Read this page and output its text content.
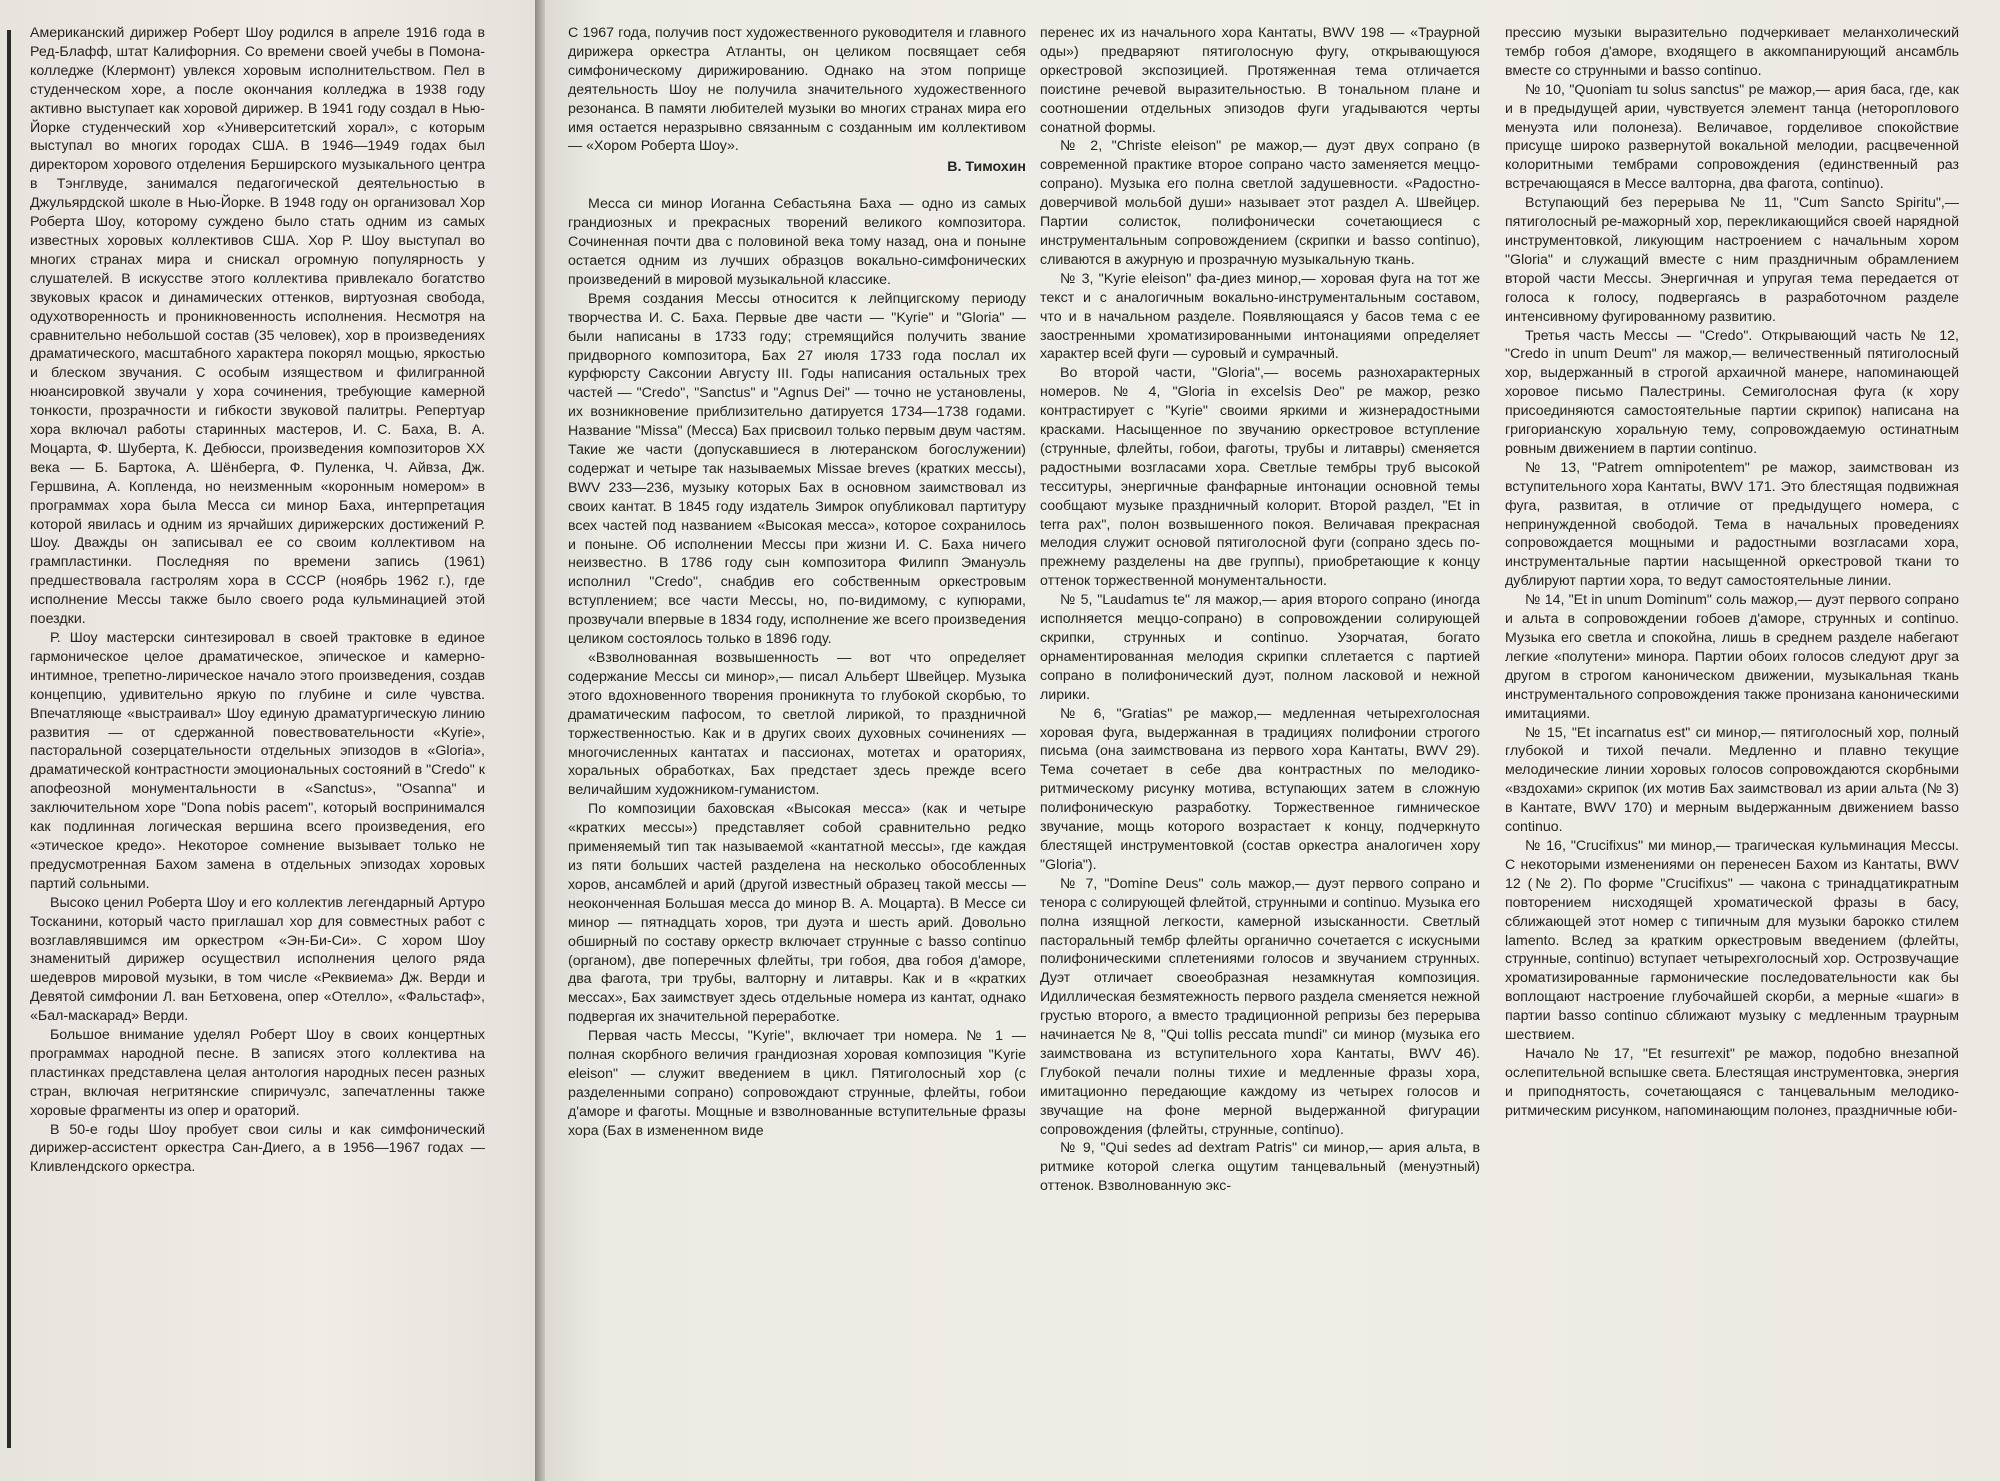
Американский дирижер Роберт Шоу родился в апреле 1916 года в Ред-Блафф, штат Калифорния. Со времени своей учебы в Помона-колледже (Клермонт) увлекся хоровым исполнительством. Пел в студенческом хоре, а после окончания колледжа в 1938 году активно выступает как хоровой дирижер. В 1941 году создал в Нью-Йорке студенческий хор «Университетский хорал», с которым выступал во многих городах США. В 1946—1949 годах был директором хорового отделения Берширского музыкального центра в Тэнглвуде, занимался педагогической деятельностью в Джульярдской школе в Нью-Йорке. В 1948 году он организовал Хор Роберта Шоу, которому суждено было стать одним из самых известных хоровых коллективов США. Хор Р. Шоу выступал во многих странах мира и снискал огромную популярность у слушателей. В искусстве этого коллектива привлекало богатство звуковых красок и динамических оттенков, виртуозная свобода, одухотворенность и проникновенность исполнения. Несмотря на сравнительно небольшой состав (35 человек), хор в произведениях драматического, масштабного характера покорял мощью, яркостью и блеском звучания. С особым изяществом и филигранной нюансировкой звучали у хора сочинения, требующие камерной тонкости, прозрачности и гибкости звуковой палитры. Репертуар хора включал работы старинных мастеров, И. С. Баха, В. А. Моцарта, Ф. Шуберта, К. Дебюсси, произведения композиторов XX века — Б. Бартока, А. Шёнберга, Ф. Пуленка, Ч. Айвза, Дж. Гершвина, А. Копленда, но неизменным «коронным номером» в программах хора была Месса си минор Баха, интерпретация которой явилась и одним из ярчайших дирижерских достижений Р. Шоу. Дважды он записывал ее со своим коллективом на грампластинки. Последняя по времени запись (1961) предшествовала гастролям хора в СССР (ноябрь 1962 г.), где исполнение Мессы также было своего рода кульминацией этой поездки.

Р. Шоу мастерски синтезировал в своей трактовке в единое гармоническое целое драматическое, эпическое и камерно-интимное, трепетно-лирическое начало этого произведения, создав концепцию, удивительно яркую по глубине и силе чувства. Впечатляюще «выстраивал» Шоу единую драматургическую линию развития — от сдержанной повествовательности «Kyrie», пасторальной созерцательности отдельных эпизодов в «Gloria», драматической контрастности эмоциональных состояний в "Credo" к апофеозной монументальности в «Sanctus», "Osanna" и заключительном хоре "Dona nobis pacem", который воспринимался как подлинная логическая вершина всего произведения, его «этическое кредо». Некоторое сомнение вызывает только не предусмотренная Бахом замена в отдельных эпизодах хоровых партий сольными.

Высоко ценил Роберта Шоу и его коллектив легендарный Артуро Тосканини, который часто приглашал хор для совместных работ с возглавлявшимся им оркестром «Эн-Би-Си». С хором Шоу знаменитый дирижер осуществил исполнения целого ряда шедевров мировой музыки, в том числе «Реквиема» Дж. Верди и Девятой симфонии Л. ван Бетховена, опер «Отелло», «Фальстаф», «Бал-маскарад» Верди.

Большое внимание уделял Роберт Шоу в своих концертных программах народной песне. В записях этого коллектива на пластинках представлена целая антология народных песен разных стран, включая негритянские спиричуэлс, запечатленны также хоровые фрагменты из опер и ораторий.

В 50-е годы Шоу пробует свои силы и как симфонический дирижер-ассистент оркестра Сан-Диего, а в 1956—1967 годах — Кливлендского оркестра.

С 1967 года, получив пост художественного руководителя и главного дирижера оркестра Атланты, он целиком посвящает себя симфоническому дирижированию. Однако на этом поприще деятельность Шоу не получила значительного художественного резонанса. В памяти любителей музыки во многих странах мира его имя остается неразрывно связанным с созданным им коллективом — «Хором Роберта Шоу».

В. Тимохин

Месса си минор Иоганна Себастьяна Баха — одно из самых грандиозных и прекрасных творений великого композитора. Сочиненная почти два с половиной века тому назад, она и поныне остается одним из лучших образцов вокально-симфонических произведений в мировой музыкальной классике.

Время создания Мессы относится к лейпцигскому периоду творчества И. С. Баха. Первые две части — "Kyrie" и "Gloria" — были написаны в 1733 году; стремящийся получить звание придворного композитора, Бах 27 июля 1733 года послал их курфюрсту Саксонии Августу III. Годы написания остальных трех частей — "Credo", "Sanctus" и "Agnus Dei" — точно не установлены, их возникновение приблизительно датируется 1734—1738 годами. Название "Missa" (Месса) Бах присвоил только первым двум частям. Такие же части (допускавшиеся в лютеранском богослужении) содержат и четыре так называемых Missae breves (кратких мессы), BWV 233—236, музыку которых Бах в основном заимствовал из своих кантат. В 1845 году издатель Зимрок опубликовал партитуру всех частей под названием «Высокая месса», которое сохранилось и поныне. Об исполнении Мессы при жизни И. С. Баха ничего неизвестно. В 1786 году сын композитора Филипп Эмануэль исполнил "Credo", снабдив его собственным оркестровым вступлением; все части Мессы, но, по-видимому, с купюрами, прозвучали впервые в 1834 году, исполнение же всего произведения целиком состоялось только в 1896 году.

«Взволнованная возвышенность — вот что определяет содержание Мессы си минор»,— писал Альберт Швейцер. Музыка этого вдохновенного творения проникнута то глубокой скорбью, то драматическим пафосом, то светлой лирикой, то праздничной торжественностью. Как и в других своих духовных сочинениях — многочисленных кантатах и пассионах, мотетах и ораториях, хоральных обработках, Бах предстает здесь прежде всего величайшим художником-гуманистом.

По композиции баховская «Высокая месса» (как и четыре «кратких мессы») представляет собой сравнительно редко применяемый тип так называемой «кантатной мессы», где каждая из пяти больших частей разделена на несколько обособленных хоров, ансамблей и арий (другой известный образец такой мессы — неоконченная Большая месса до минор В. А. Моцарта). В Мессе си минор — пятнадцать хоров, три дуэта и шесть арий. Довольно обширный по составу оркестр включает струнные с basso continuo (органом), две поперечных флейты, три гобоя, два гобоя д'аморе, два фагота, три трубы, валторну и литавры. Как и в «кратких мессах», Бах заимствует здесь отдельные номера из кантат, однако подвергая их значительной переработке.

Первая часть Мессы, "Kyrie", включает три номера. № 1 — полная скорбного величия грандиозная хоровая композиция "Kyrie eleison" — служит введением в цикл. Пятиголосный хор (с разделенными сопрано) сопровождают струнные, флейты, гобои д'аморе и фаготы. Мощные и взволнованные вступительные фразы хора (Бах в измененном виде

перенес их из начального хора Кантаты, BWV 198 — «Траурной оды») предваряют пятиголосную фугу, открывающуюся оркестровой экспозицией. Протяженная тема отличается поистине речевой выразительностью. В тональном плане и соотношении отдельных эпизодов фуги угадываются черты сонатной формы.

№ 2, "Christe eleison" ре мажор,— дуэт двух сопрано (в современной практике второе сопрано часто заменяется меццо-сопрано). Музыка его полна светлой задушевности. «Радостно-доверчивой мольбой души» называет этот раздел А. Швейцер. Партии солисток, полифонически сочетающиеся с инструментальным сопровождением (скрипки и basso continuo), сливаются в ажурную и прозрачную музыкальную ткань.

№ 3, "Kyrie eleison" фа-диез минор,— хоровая фуга на тот же текст и с аналогичным вокально-инструментальным составом, что и в начальном разделе. Появляющаяся у басов тема с ее заостренными хроматизированными интонациями определяет характер всей фуги — суровый и сумрачный.

Во второй части, "Gloria",— восемь разнохарактерных номеров. № 4, "Gloria in excelsis Deo" ре мажор, резко контрастирует с "Kyrie" своими яркими и жизнерадостными красками. Насыщенное по звучанию оркестровое вступление (струнные, флейты, гобои, фаготы, трубы и литавры) сменяется радостными возгласами хора. Светлые тембры труб высокой тесситуры, энергичные фанфарные интонации основной темы сообщают музыке праздничный колорит. Второй раздел, "Et in terra pax", полон возвышенного покоя. Величавая прекрасная мелодия служит основой пятиголосной фуги (сопрано здесь по-прежнему разделены на две группы), приобретающие к концу оттенок торжественной монументальности.

№ 5, "Laudamus te" ля мажор,— ария второго сопрано (иногда исполняется меццо-сопрано) в сопровождении солирующей скрипки, струнных и continuo. Узорчатая, богато орнаментированная мелодия скрипки сплетается с партией сопрано в полифонический дуэт, полном ласковой и нежной лирики.

№ 6, "Gratias" ре мажор,— медленная четырехголосная хоровая фуга, выдержанная в традициях полифонии строгого письма (она заимствована из первого хора Кантаты, BWV 29). Тема сочетает в себе два контрастных по мелодико-ритмическому рисунку мотива, вступающих затем в сложную полифоническую разработку. Торжественное гимническое звучание, мощь которого возрастает к концу, подчеркнуто блестящей инструментовкой (состав оркестра аналогичен хору "Gloria").

№ 7, "Domine Deus" соль мажор,— дуэт первого сопрано и тенора с солирующей флейтой, струнными и continuo. Музыка его полна изящной легкости, камерной изысканности. Светлый пасторальный тембр флейты органично сочетается с искусными полифоническими сплетениями голосов и звучанием струнных. Дуэт отличает своеобразная незамкнутая композиция. Идиллическая безмятежность первого раздела сменяется нежной грустью второго, а вместо традиционной репризы без перерыва начинается № 8, "Qui tollis peccata mundi" си минор (музыка его заимствована из вступительного хора Кантаты, BWV 46). Глубокой печали полны тихие и медленные фразы хора, имитационно передающие каждому из четырех голосов и звучащие на фоне мерной выдержанной фигурации сопровождения (флейты, струнные, continuo).

№ 9, "Qui sedes ad dextram Patris" си минор,— ария альта, в ритмике которой слегка ощутим танцевальный (менуэтный) оттенок. Взволнованную экс-

прессию музыки выразительно подчеркивает меланхолический тембр гобоя д'аморе, входящего в аккомпанирующий ансамбль вместе со струнными и basso continuo.

№ 10, "Quoniam tu solus sanctus" ре мажор,— ария баса, где, как и в предыдущей арии, чувствуется элемент танца (нетороплового менуэта или полонеза). Величавое, горделивое спокойствие присуще широко развернутой вокальной мелодии, расцвеченной колоритными тембрами сопровождения (единственный раз встречающаяся в Мессе валторна, два фагота, continuo).

Вступающий без перерыва № 11, "Cum Sancto Spiritu",— пятиголосный ре-мажорный хор, перекликающийся своей нарядной инструментовкой, ликующим настроением с начальным хором "Gloria" и служащий вместе с ним праздничным обрамлением второй части Мессы. Энергичная и упругая тема передается от голоса к голосу, подвергаясь в разработочном разделе интенсивному фугированному развитию.

Третья часть Мессы — "Credo". Открывающий часть № 12, "Credo in unum Deum" ля мажор,— величественный пятиголосный хор, выдержанный в строгой архаичной манере, напоминающей хоровое письмо Палестрины. Семиголосная фуга (к хору присоединяются самостоятельные партии скрипок) написана на григорианскую хоральную тему, сопровождаемую остинатным ровным движением в партии continuo.

№ 13, "Patrem omnipotentem" ре мажор, заимствован из вступительного хора Кантаты, BWV 171. Это блестящая подвижная фуга, развитая, в отличие от предыдущего номера, с непринужденной свободой. Тема в начальных проведениях сопровождается мощными и радостными возгласами хора, инструментальные партии насыщенной оркестровой ткани то дублируют партии хора, то ведут самостоятельные линии.

№ 14, "Et in unum Dominum" соль мажор,— дуэт первого сопрано и альта в сопровождении гобоев д'аморе, струнных и continuo. Музыка его светла и спокойна, лишь в среднем разделе набегают легкие «полутени» минора. Партии обоих голосов следуют друг за другом в строгом каноническом движении, музыкальная ткань инструментального сопровождения также пронизана каноническими имитациями.

№ 15, "Et incarnatus est" си минор,— пятиголосный хор, полный глубокой и тихой печали. Медленно и плавно текущие мелодические линии хоровых голосов сопровождаются скорбными «вздохами» скрипок (их мотив Бах заимствовал из арии альта (№ 3) в Кантате, BWV 170) и мерным выдержанным движением basso continuo.

№ 16, "Crucifixus" ми минор,— трагическая кульминация Мессы. С некоторыми изменениями он перенесен Бахом из Кантаты, BWV 12 (№ 2). По форме "Crucifixus" — чакона с тринадцатикратным повторением нисходящей хроматической фразы в басу, сближающей этот номер с типичным для музыки барокко стилем lamento. Вслед за кратким оркестровым введением (флейты, струнные, continuo) вступает четырехголосный хор. Острозвучащие хроматизированные гармонические последовательности как бы воплощают настроение глубочайшей скорби, а мерные «шаги» в партии basso continuo сближают музыку с медленным траурным шествием.

Начало № 17, "Et resurrexit" ре мажор, подобно внезапной ослепительной вспышке света. Блестящая инструментовка, энергия и приподнятость, сочетающаяся с танцевальным мелодико-ритмическим рисунком, напоминающим полонез, праздничные юби-
